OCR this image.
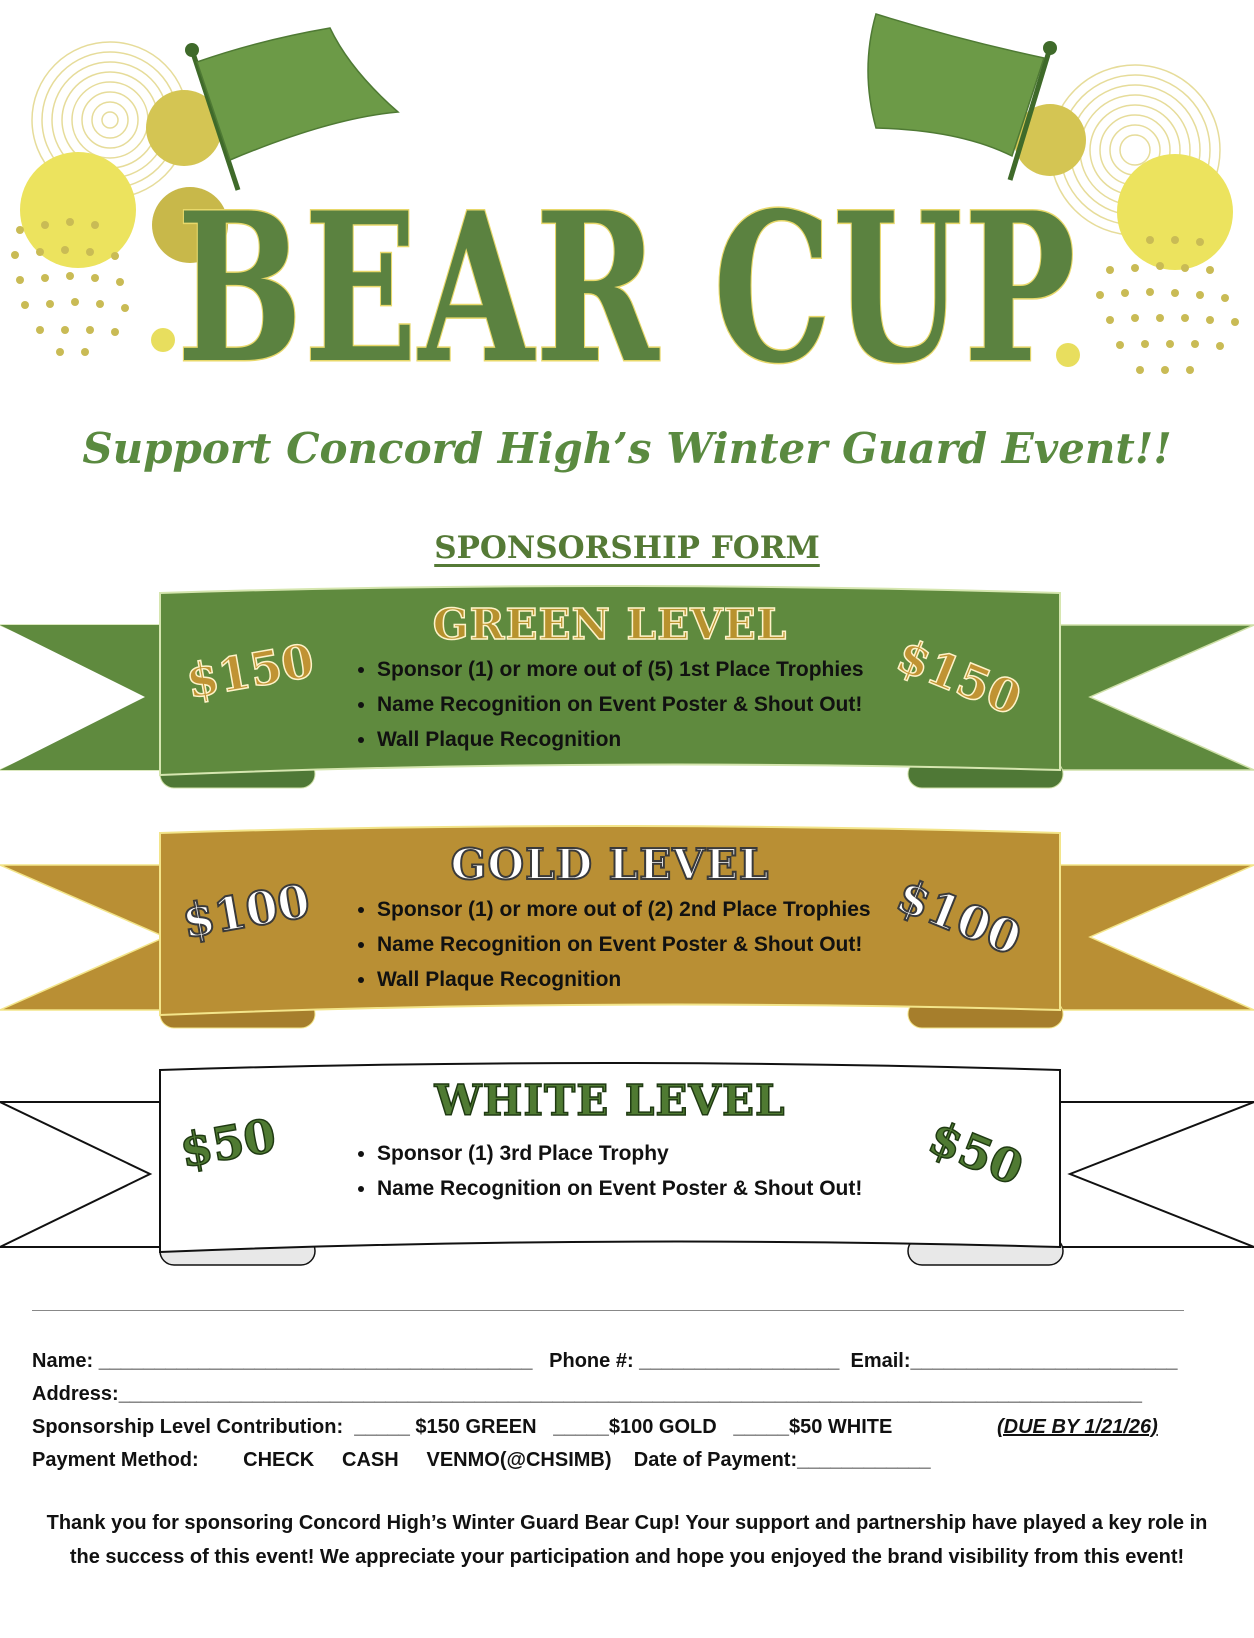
BEAR CUP
Support Concord High’s Winter Guard Event!!
SPONSORSHIP FORM
GREEN LEVEL
$150	$150
• Sponsor (1) or more out of (5) 1st Place Trophies
• Name Recognition on Event Poster & Shout Out!
• Wall Plaque Recognition
GOLD LEVEL
$100	$100
• Sponsor (1) or more out of (2) 2nd Place Trophies
• Name Recognition on Event Poster & Shout Out!
• Wall Plaque Recognition
WHITE LEVEL
$50	$50
• Sponsor (1) 3rd Place Trophy
• Name Recognition on Event Poster & Shout Out!
Name: _______________________________________   Phone #: __________________  Email:________________________
Address:____________________________________________________________________________________________
Sponsorship Level Contribution:  _____ $150 GREEN   _____$100 GOLD   _____$50 WHITE	(DUE BY 1/21/26)
Payment Method:        CHECK     CASH     VENMO(@CHSIMB)    Date of Payment:____________
Thank you for sponsoring Concord High’s Winter Guard Bear Cup! Your support and partnership have played a key role in the success of this event! We appreciate your participation and hope you enjoyed the brand visibility from this event!
